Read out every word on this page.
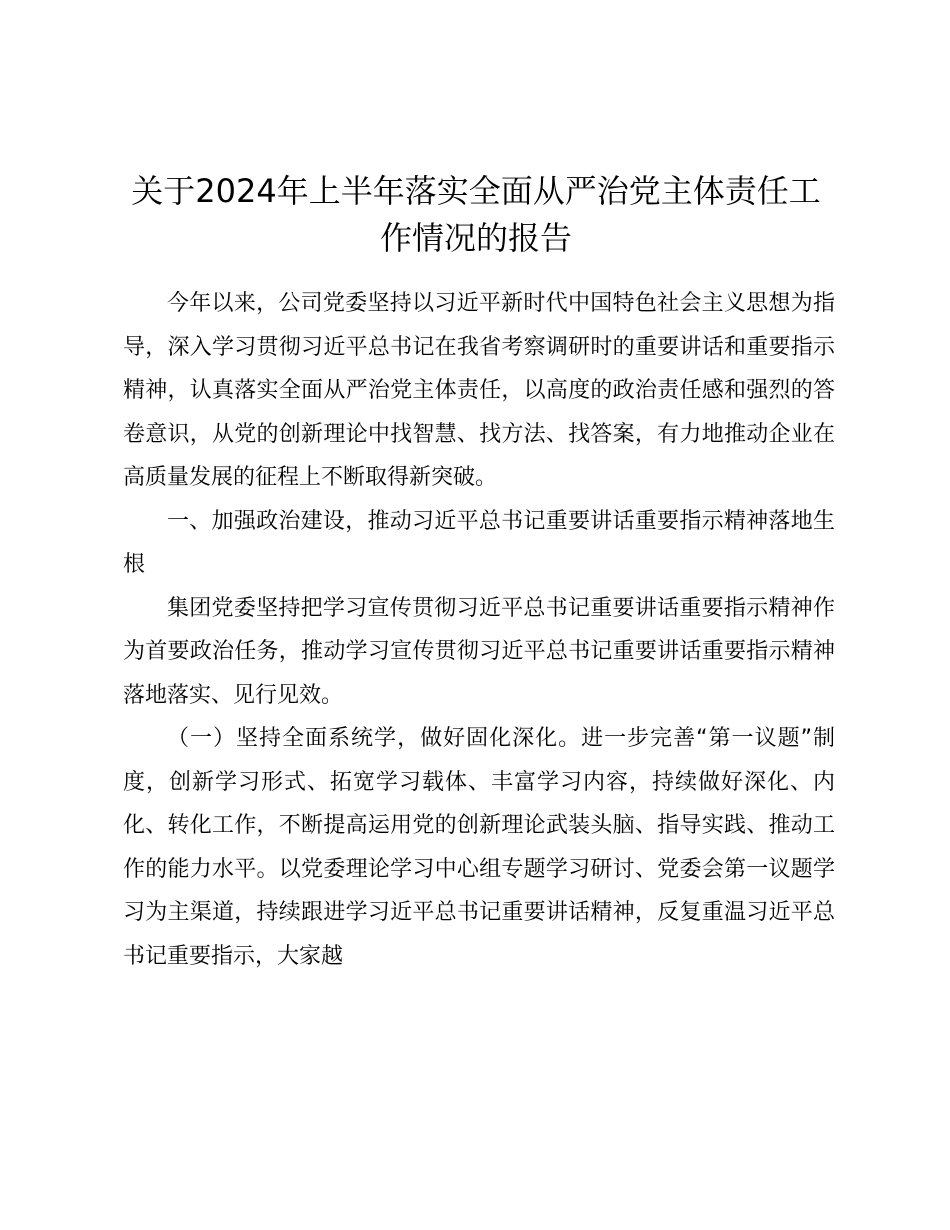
关于2024年上半年落实全面从严治党主体责任工作情况的报告

今年以来，公司党委坚持以习近平新时代中国特色社会主义思想为指导，深入学习贯彻习近平总书记在我省考察调研时的重要讲话和重要指示精神，认真落实全面从严治党主体责任，以高度的政治责任感和强烈的答卷意识，从党的创新理论中找智慧、找方法、找答案，有力地推动企业在高质量发展的征程上不断取得新突破。

一、加强政治建设，推动习近平总书记重要讲话重要指示精神落地生根

集团党委坚持把学习宣传贯彻习近平总书记重要讲话重要指示精神作为首要政治任务，推动学习宣传贯彻习近平总书记重要讲话重要指示精神落地落实、见行见效。

（一）坚持全面系统学，做好固化深化。进一步完善“第一议题”制度，创新学习形式、拓宽学习载体、丰富学习内容，持续做好深化、内化、转化工作，不断提高运用党的创新理论武装头脑、指导实践、推动工作的能力水平。以党委理论学习中心组专题学习研讨、党委会第一议题学习为主渠道，持续跟进学习近平总书记重要讲话精神，反复重温习近平总书记重要指示，大家越
